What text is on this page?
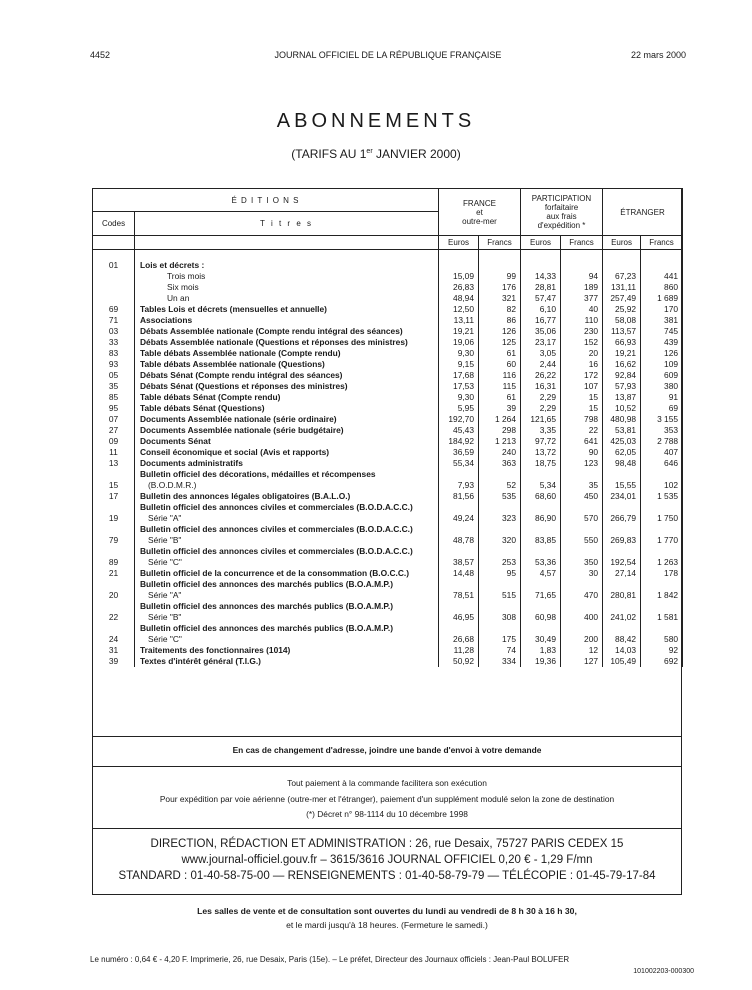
4452	JOURNAL OFFICIEL DE LA RÉPUBLIQUE FRANÇAISE	22 mars 2000
ABONNEMENTS
(TARIFS AU 1er JANVIER 2000)
É D I T I O N S		FRANCE
et
outre-mer		PARTICIPATION
forfaitaire
aux frais
d'expédition *		ÉTRANGER	
Codes	T i t r e s						
		Euros	Francs	Euros	Francs	Euros	Francs

01	Lois et décrets :						
	Trois mois	15,09	99	14,33	94	67,23	441
	Six mois	26,83	176	28,81	189	131,11	860
	Un an	48,94	321	57,47	377	257,49	1 689
69	Tables Lois et décrets (mensuelles et annuelle)	12,50	82	6,10	40	25,92	170
71	Associations	13,11	86	16,77	110	58,08	381
03	Débats Assemblée nationale (Compte rendu intégral des séances)	19,21	126	35,06	230	113,57	745
33	Débats Assemblée nationale (Questions et réponses des ministres)	19,06	125	23,17	152	66,93	439
83	Table débats Assemblée nationale (Compte rendu)	9,30	61	3,05	20	19,21	126
93	Table débats Assemblée nationale (Questions)	9,15	60	2,44	16	16,62	109
05	Débats Sénat (Compte rendu intégral des séances)	17,68	116	26,22	172	92,84	609
35	Débats Sénat (Questions et réponses des ministres)	17,53	115	16,31	107	57,93	380
85	Table débats Sénat (Compte rendu)	9,30	61	2,29	15	13,87	91
95	Table débats Sénat (Questions)	5,95	39	2,29	15	10,52	69
07	Documents Assemblée nationale (série ordinaire)	192,70	1 264	121,65	798	480,98	3 155
27	Documents Assemblée nationale (série budgétaire)	45,43	298	3,35	22	53,81	353
09	Documents Sénat	184,92	1 213	97,72	641	425,03	2 788
11	Conseil économique et social (Avis et rapports)	36,59	240	13,72	90	62,05	407
13	Documents administratifs	55,34	363	18,75	123	98,48	646
15	Bulletin officiel des décorations, médailles et récompenses
(B.O.D.M.R.)	7,93	52	5,34	35	15,55	102
17	Bulletin des annonces légales obligatoires (B.A.L.O.)	81,56	535	68,60	450	234,01	1 535
19	Bulletin officiel des annonces civiles et commerciales (B.O.D.A.C.C.)
Série "A"	49,24	323	86,90	570	266,79	1 750
79	Bulletin officiel des annonces civiles et commerciales (B.O.D.A.C.C.)
Série "B"	48,78	320	83,85	550	269,83	1 770
89	Bulletin officiel des annonces civiles et commerciales (B.O.D.A.C.C.)
Série "C"	38,57	253	53,36	350	192,54	1 263
21	Bulletin officiel de la concurrence et de la consommation (B.O.C.C.)	14,48	95	4,57	30	27,14	178
20	Bulletin officiel des annonces des marchés publics (B.O.A.M.P.)
Série "A"	78,51	515	71,65	470	280,81	1 842
22	Bulletin officiel des annonces des marchés publics (B.O.A.M.P.)
Série "B"	46,95	308	60,98	400	241,02	1 581
24	Bulletin officiel des annonces des marchés publics (B.O.A.M.P.)
Série "C"	26,68	175	30,49	200	88,42	580
31	Traitements des fonctionnaires (1014)	11,28	74	1,83	12	14,03	92
39	Textes d'intérêt général (T.I.G.)	50,92	334	19,36	127	105,49	692
En cas de changement d'adresse, joindre une bande d'envoi à votre demande
Tout paiement à la commande facilitera son exécution
Pour expédition par voie aérienne (outre-mer et l'étranger), paiement d'un supplément modulé selon la zone de destination
(*) Décret n° 98-1114 du 10 décembre 1998
DIRECTION, RÉDACTION ET ADMINISTRATION : 26, rue Desaix, 75727 PARIS CEDEX 15
www.journal-officiel.gouv.fr – 3615/3616 JOURNAL OFFICIEL 0,20 € - 1,29 F/mn
STANDARD : 01-40-58-75-00 — RENSEIGNEMENTS : 01-40-58-79-79 — TÉLÉCOPIE : 01-45-79-17-84
Les salles de vente et de consultation sont ouvertes du lundi au vendredi de 8 h 30 à 16 h 30,
et le mardi jusqu'à 18 heures. (Fermeture le samedi.)
Le numéro : 0,64 € - 4,20 F. Imprimerie, 26, rue Desaix, Paris (15e). – Le préfet, Directeur des Journaux officiels : Jean-Paul BOLUFER
101002203-000300
